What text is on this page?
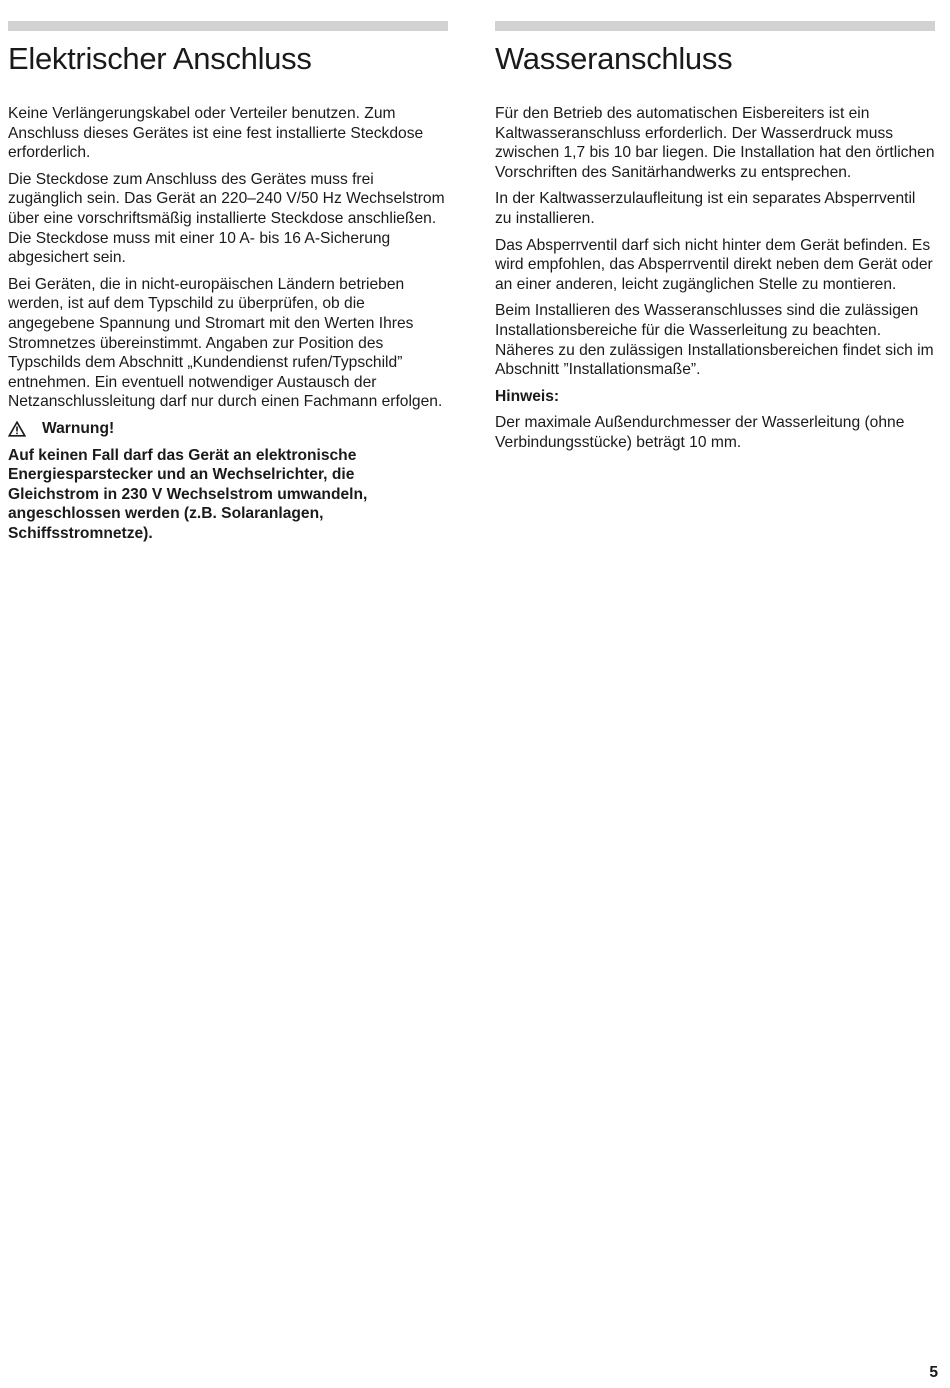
Elektrischer Anschluss

Keine Verlängerungskabel oder Verteiler benutzen. Zum Anschluss dieses Gerätes ist eine fest installierte Steckdose erforderlich.

Die Steckdose zum Anschluss des Gerätes muss frei zugänglich sein. Das Gerät an 220–240 V/50 Hz Wechselstrom über eine vorschriftsmäßig installierte Steckdose anschließen. Die Steckdose muss mit einer 10 A- bis 16 A-Sicherung abgesichert sein.

Bei Geräten, die in nicht-europäischen Ländern betrieben werden, ist auf dem Typschild zu überprüfen, ob die angegebene Spannung und Stromart mit den Werten Ihres Stromnetzes übereinstimmt. Angaben zur Position des Typschilds dem Abschnitt „Kundendienst rufen/Typschild” entnehmen. Ein eventuell notwendiger Austausch der Netzanschlussleitung darf nur durch einen Fachmann erfolgen.

Warnung!

Auf keinen Fall darf das Gerät an elektronische Energiesparstecker und an Wechselrichter, die Gleichstrom in 230 V Wechselstrom umwandeln, angeschlossen werden (z.B. Solaranlagen, Schiffsstromnetze).

Wasseranschluss

Für den Betrieb des automatischen Eisbereiters ist ein Kaltwasseranschluss erforderlich. Der Wasserdruck muss zwischen 1,7 bis 10 bar liegen. Die Installation hat den örtlichen Vorschriften des Sanitärhandwerks zu entsprechen.

In der Kaltwasserzulaufleitung ist ein separates Absperrventil zu installieren.

Das Absperrventil darf sich nicht hinter dem Gerät befinden. Es wird empfohlen, das Absperrventil direkt neben dem Gerät oder an einer anderen, leicht zugänglichen Stelle zu montieren.

Beim Installieren des Wasseranschlusses sind die zulässigen Installationsbereiche für die Wasserleitung zu beachten. Näheres zu den zulässigen Installationsbereichen findet sich im Abschnitt ”Installationsmaße”.

Hinweis:

Der maximale Außendurchmesser der Wasserleitung (ohne Verbindungsstücke) beträgt 10 mm.

5
